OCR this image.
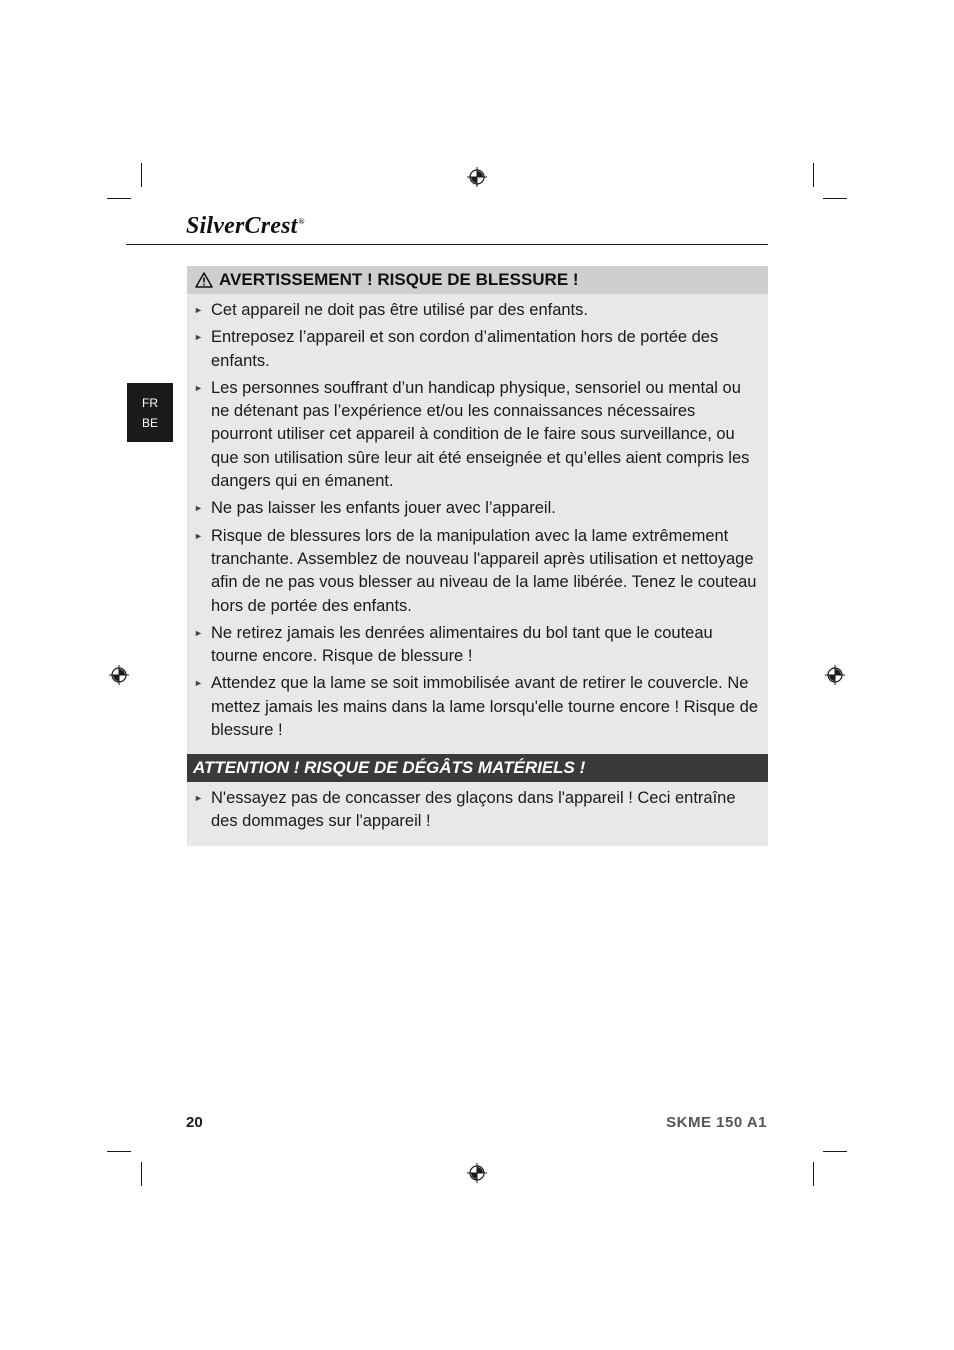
SilverCrest®
FR
BE
AVERTISSEMENT ! RISQUE DE BLESSURE !
► Cet appareil ne doit pas être utilisé par des enfants.
► Entreposez l’appareil et son cordon d’alimentation hors de portée des enfants.
► Les personnes souffrant d’un handicap physique, sensoriel ou mental ou ne détenant pas l’expérience et/ou les connaissances nécessaires pourront utiliser cet appareil à condition de le faire sous surveillance, ou que son utilisation sûre leur ait été enseignée et qu’elles aient compris les dangers qui en émanent.
► Ne pas laisser les enfants jouer avec l’appareil.
► Risque de blessures lors de la manipulation avec la lame extrêmement tranchante. Assemblez de nouveau l'appareil après utilisation et nettoyage afin de ne pas vous blesser au niveau de la lame libérée. Tenez le couteau hors de portée des enfants.
► Ne retirez jamais les denrées alimentaires du bol tant que le couteau tourne encore. Risque de blessure !
► Attendez que la lame se soit immobilisée avant de retirer le couvercle. Ne mettez jamais les mains dans la lame lorsqu'elle tourne encore ! Risque de blessure !
ATTENTION ! RISQUE DE DÉGÂTS MATÉRIELS !
► N'essayez pas de concasser des glaçons dans l'appareil ! Ceci entraîne des dommages sur l'appareil !
20	SKME 150 A1
